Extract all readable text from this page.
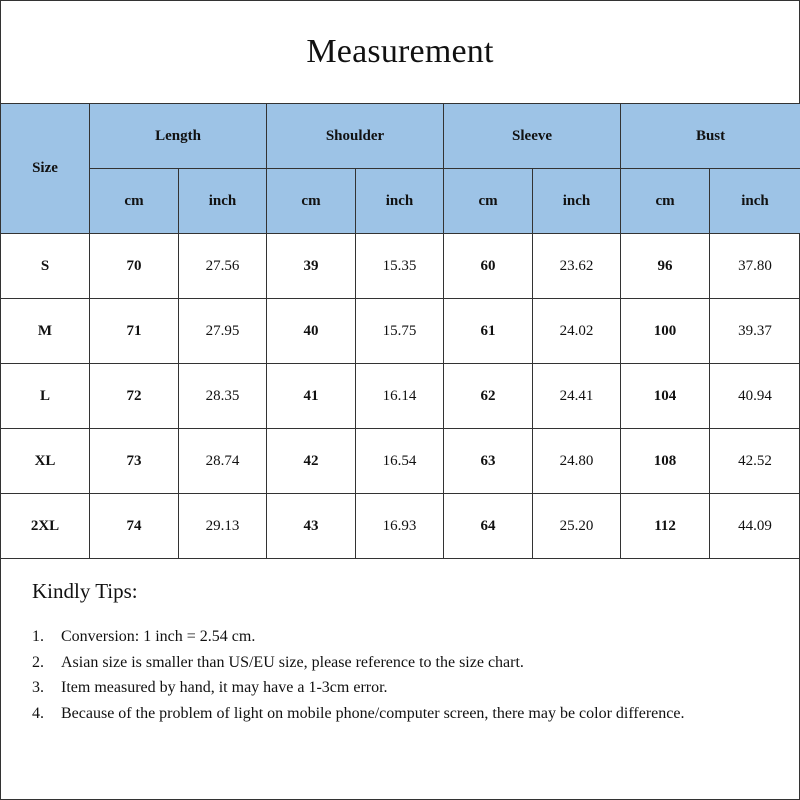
Measurement
Size	Length		Shoulder		Sleeve		Bust	
	cm	inch	cm	inch	cm	inch	cm	inch
S	70	27.56	39	15.35	60	23.62	96	37.80
M	71	27.95	40	15.75	61	24.02	100	39.37
L	72	28.35	41	16.14	62	24.41	104	40.94
XL	73	28.74	42	16.54	63	24.80	108	42.52
2XL	74	29.13	43	16.93	64	25.20	112	44.09
Kindly Tips:
1.	Conversion: 1 inch = 2.54 cm.
2.	Asian size is smaller than US/EU size, please reference to the size chart.
3.	Item measured by hand, it may have a 1-3cm error.
4.	Because of the problem of light on mobile phone/computer screen, there may be color difference.
